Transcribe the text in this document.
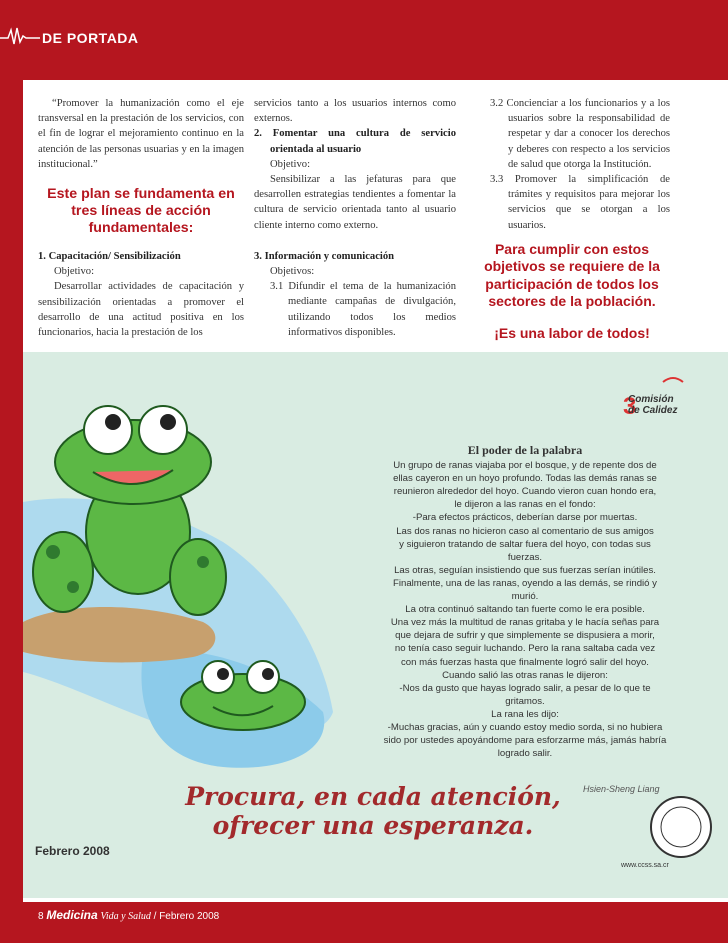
DE PORTADA

“Promover la humanización como el eje transversal en la prestación de los servicios, con el fin de lograr el mejoramiento continuo en la atención de las personas usuarias y en la imagen institucional.”

Este plan se fundamenta en tres líneas de acción fundamentales:

1. Capacitación/ Sensibilización

Objetivo:

Desarrollar actividades de capacitación y sensibilización orientadas a promover el desarrollo de una actitud positiva en los funcionarios, hacia la prestación de los

servicios tanto a los usuarios internos como externos.

2. Fomentar una cultura de servicio orientada al usuario

Objetivo:

Sensibilizar a las jefaturas para que desarrollen estrategias tendientes a fomentar la cultura de servicio orientada tanto al usuario cliente interno como externo.

3. Información y comunicación

Objetivos:

3.1 Difundir el tema de la humanización mediante campañas de divulgación, utilizando todos los medios informativos disponibles.

3.2 Concienciar a los funcionarios y a los usuarios sobre la responsabilidad de respetar y dar a conocer los derechos y deberes con respecto a los servicios de salud que otorga la Institución.

3.3 Promover la simplificación de trámites y requisitos para mejorar los servicios que se otorgan a los usuarios.

Para cumplir con estos objetivos se requiere de la participación de todos los sectores de la población.
¡Es una labor de todos!
3
Comisión
de Calidez
El poder de la palabra
Un grupo de ranas viajaba por el bosque, y de repente dos de
ellas cayeron en un hoyo profundo. Todas las demás ranas se
reunieron alrededor del hoyo. Cuando vieron cuan hondo era,
le dijeron a las ranas en el fondo:
-Para efectos prácticos, deberían darse por muertas.
Las dos ranas no hicieron caso al comentario de sus amigos
y siguieron tratando de saltar fuera del hoyo, con todas sus
fuerzas.
Las otras, seguían insistiendo que sus fuerzas serían inútiles.
Finalmente, una de las ranas, oyendo a las demás, se rindió y
murió.
La otra continuó saltando tan fuerte como le era posible.
Una vez más la multitud de ranas gritaba y le hacía señas para
que dejara de sufrir y que simplemente se dispusiera a morir,
no tenía caso seguir luchando. Pero la rana saltaba cada vez
con más fuerzas hasta que finalmente logró salir del hoyo.
Cuando salió las otras ranas le dijeron:
-Nos da gusto que hayas logrado salir, a pesar de lo que te
gritamos.
La rana les dijo:
-Muchas gracias, aún y cuando estoy medio sorda, si no hubiera
sido por ustedes apoyándome para esforzarme más, jamás habría
logrado salir.
Hsien-Sheng Liang
Procura, en cada atención,
ofrecer una esperanza.
Febrero 2008
www.ccss.sa.cr
8 Medicina Vida y Salud / Febrero 2008
